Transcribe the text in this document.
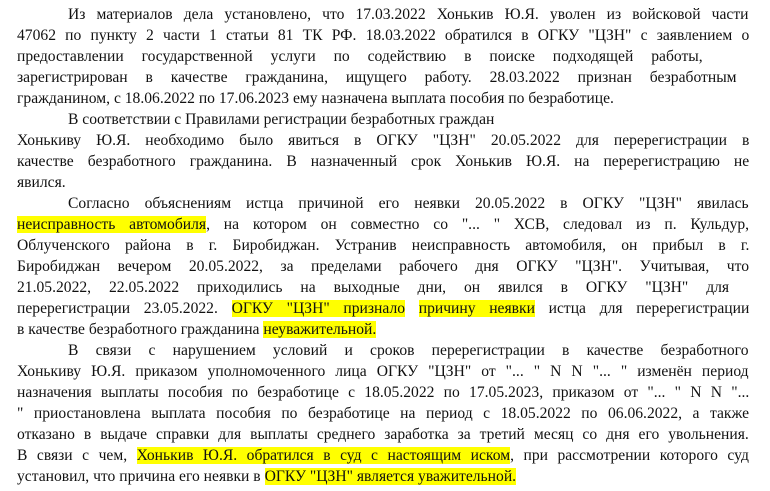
Из материалов дела установлено, что 17.03.2022 Хонькив Ю.Я. уволен из войсковой части
47062 по пункту 2 части 1 статьи 81 ТК РФ. 18.03.2022 обратился в ОГКУ "ЦЗН" с заявлением о
предоставлении государственной услуги по содействию в поиске подходящей работы,
зарегистрирован в качестве гражданина, ищущего работу. 28.03.2022 признан безработным
гражданином, с 18.06.2022 по 17.06.2023 ему назначена выплата пособия по безработице.
В соответствии с Правилами регистрации безработных граждан
Хонькиву Ю.Я. необходимо было явиться в ОГКУ "ЦЗН" 20.05.2022 для перерегистрации в
качестве безработного гражданина. В назначенный срок Хонькив Ю.Я. на перерегистрацию не
явился.
Согласно объяснениям истца причиной его неявки 20.05.2022 в ОГКУ "ЦЗН" явилась
неисправность автомобиля, на котором он совместно со "... " ХСВ, следовал из п. Кульдур,
Облученского района в г. Биробиджан. Устранив неисправность автомобиля, он прибыл в г.
Биробиджан вечером 20.05.2022, за пределами рабочего дня ОГКУ "ЦЗН". Учитывая, что
21.05.2022, 22.05.2022 приходились на выходные дни, он явился в ОГКУ "ЦЗН" для
перерегистрации 23.05.2022. ОГКУ "ЦЗН" признало причину неявки истца для перерегистрации
в качестве безработного гражданина неуважительной.
В связи с нарушением условий и сроков перерегистрации в качестве безработного
Хонькиву Ю.Я. приказом уполномоченного лица ОГКУ "ЦЗН" от "... " N N "... " изменён период
назначения выплаты пособия по безработице с 18.05.2022 по 17.05.2023, приказом от "... " N N "...
" приостановлена выплата пособия по безработице на период с 18.05.2022 по 06.06.2022, а также
отказано в выдаче справки для выплаты среднего заработка за третий месяц со дня его увольнения.
В связи с чем, Хонькив Ю.Я. обратился в суд с настоящим иском, при рассмотрении которого суд
установил, что причина его неявки в ОГКУ "ЦЗН" является уважительной.
